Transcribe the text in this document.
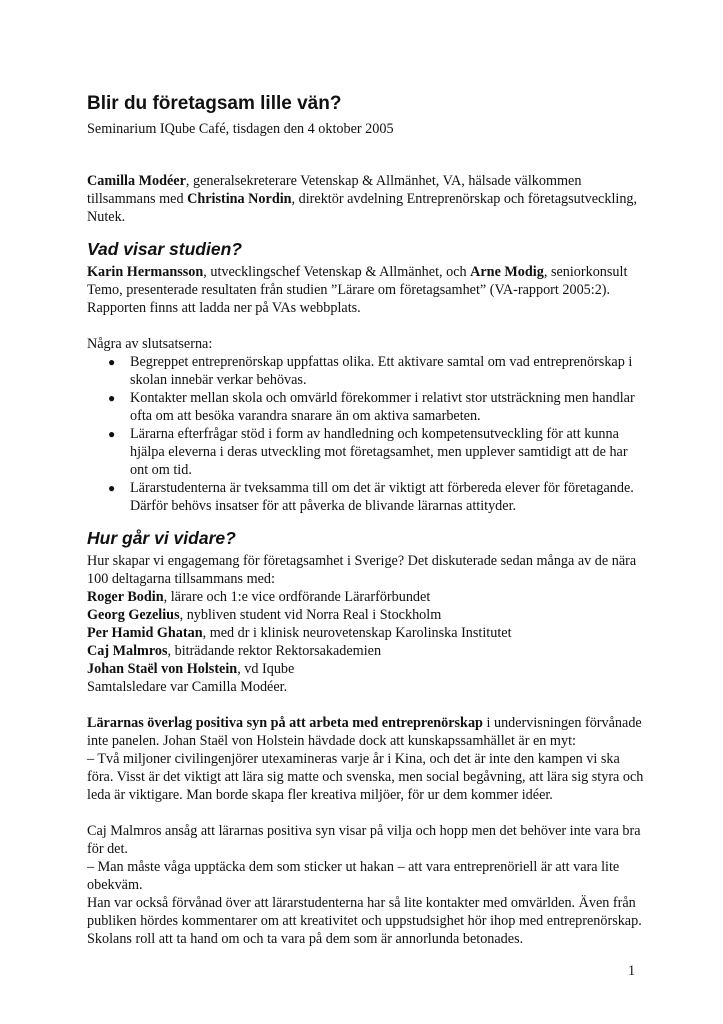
Blir du företagsam lille vän?

Seminarium IQube Café, tisdagen den 4 oktober 2005

Camilla Modéer, generalsekreterare Vetenskap & Allmänhet, VA, hälsade välkommen tillsammans med Christina Nordin, direktör avdelning Entreprenörskap och företagsutveckling, Nutek.

Vad visar studien?

Karin Hermansson, utvecklingschef Vetenskap & Allmänhet, och Arne Modig, seniorkonsult Temo, presenterade resultaten från studien ”Lärare om företagsamhet” (VA-rapport 2005:2). Rapporten finns att ladda ner på VAs webbplats.

Några av slutsatserna:

● Begreppet entreprenörskap uppfattas olika. Ett aktivare samtal om vad entreprenörskap i skolan innebär verkar behövas.
● Kontakter mellan skola och omvärld förekommer i relativt stor utsträckning men handlar ofta om att besöka varandra snarare än om aktiva samarbeten.
● Lärarna efterfrågar stöd i form av handledning och kompetensutveckling för att kunna hjälpa eleverna i deras utveckling mot företagsamhet, men upplever samtidigt att de har ont om tid.
● Lärarstudenterna är tveksamma till om det är viktigt att förbereda elever för företagande. Därför behövs insatser för att påverka de blivande lärarnas attityder.
Hur går vi vidare?

Hur skapar vi engagemang för företagsamhet i Sverige? Det diskuterade sedan många av de nära 100 deltagarna tillsammans med:

Roger Bodin, lärare och 1:e vice ordförande Lärarförbundet

Georg Gezelius, nybliven student vid Norra Real i Stockholm

Per Hamid Ghatan, med dr i klinisk neurovetenskap Karolinska Institutet

Caj Malmros, biträdande rektor Rektorsakademien

Johan Staël von Holstein, vd Iqube

Samtalsledare var Camilla Modéer.

Lärarnas överlag positiva syn på att arbeta med entreprenörskap i undervisningen förvånade inte panelen. Johan Staël von Holstein hävdade dock att kunskapssamhället är en myt:

– Två miljoner civilingenjörer utexamineras varje år i Kina, och det är inte den kampen vi ska föra. Visst är det viktigt att lära sig matte och svenska, men social begåvning, att lära sig styra och leda är viktigare. Man borde skapa fler kreativa miljöer, för ur dem kommer idéer.

Caj Malmros ansåg att lärarnas positiva syn visar på vilja och hopp men det behöver inte vara bra för det.

– Man måste våga upptäcka dem som sticker ut hakan – att vara entreprenöriell är att vara lite obekväm.

Han var också förvånad över att lärarstudenterna har så lite kontakter med omvärlden. Även från publiken hördes kommentarer om att kreativitet och uppstudsighet hör ihop med entreprenörskap. Skolans roll att ta hand om och ta vara på dem som är annorlunda betonades.

1
